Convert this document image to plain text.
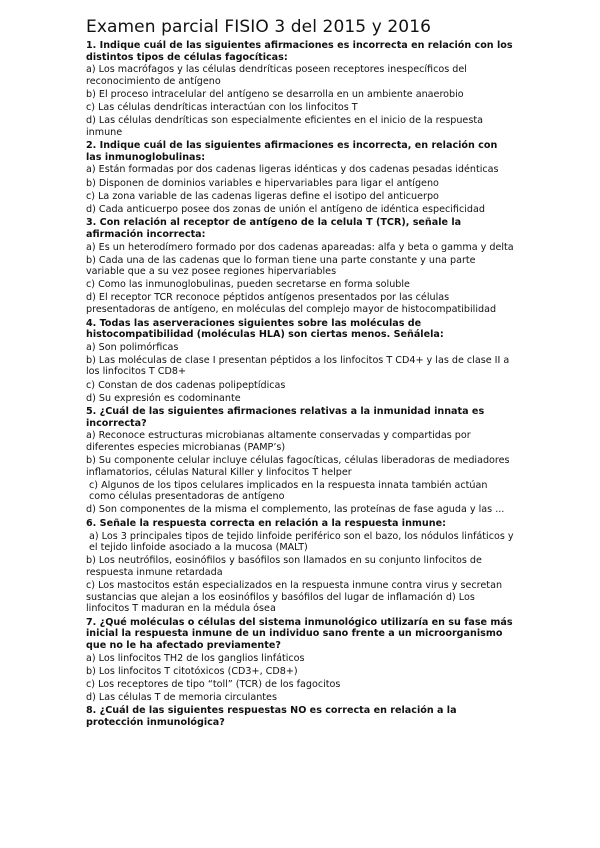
Examen parcial FISIO 3 del 2015 y 2016
1. Indique cuál de las siguientes afirmaciones es incorrecta en relación con los distintos tipos de células fagocíticas:
a) Los macrófagos y las células dendríticas poseen receptores inespecíficos del reconocimiento de antígeno
b) El proceso intracelular del antígeno se desarrolla en un ambiente anaerobio
c) Las células dendríticas interactúan con los linfocitos T
d) Las células dendríticas son especialmente eficientes en el inicio de la respuesta inmune
2. Indique cuál de las siguientes afirmaciones es incorrecta, en relación con las inmunoglobulinas:
a) Están formadas por dos cadenas ligeras idénticas y dos cadenas pesadas idénticas
b) Disponen de dominios variables e hipervariables para ligar el antígeno
c) La zona variable de las cadenas ligeras define el isotipo del anticuerpo
d) Cada anticuerpo posee dos zonas de unión el antígeno de idéntica especificidad
3. Con relación al receptor de antígeno de la celula T (TCR), señale la afirmación incorrecta:
a) Es un heterodímero formado por dos cadenas apareadas: alfa y beta o gamma y delta
b) Cada una de las cadenas que lo forman tiene una parte constante y una parte variable que a su vez posee regiones hipervariables
c) Como las inmunoglobulinas, pueden secretarse en forma soluble
d) El receptor TCR reconoce péptidos antígenos presentados por las células presentadoras de antígeno, en moléculas del complejo mayor de histocompatibilidad
4. Todas las aserveraciones siguientes sobre las moléculas de histocompatibilidad (moléculas HLA) son ciertas menos. Señálela:
a) Son polimórficas
b) Las moléculas de clase I presentan péptidos a los linfocitos T CD4+ y las de clase II a los linfocitos T CD8+
c) Constan de dos cadenas polipeptídicas
d) Su expresión es codominante
5. ¿Cuál de las siguientes afirmaciones relativas a la inmunidad innata es incorrecta?
a) Reconoce estructuras microbianas altamente conservadas y compartidas por diferentes especies microbianas (PAMP’s)
b) Su componente celular incluye células fagocíticas, células liberadoras de mediadores inflamatorios, células Natural Killer y linfocitos T helper
c) Algunos de los tipos celulares implicados en la respuesta innata también actúan como células presentadoras de antígeno
d) Son componentes de la misma el complemento, las proteínas de fase aguda y las ...
6. Señale la respuesta correcta en relación a la respuesta inmune:
a) Los 3 principales tipos de tejido linfoide periférico son el bazo, los nódulos linfáticos y el tejido linfoide asociado a la mucosa (MALT)
b) Los neutrófilos, eosinófilos y basófilos son llamados en su conjunto linfocitos de respuesta inmune retardada
c) Los mastocitos están especializados en la respuesta inmune contra virus y secretan sustancias que alejan a los eosinófilos y basófilos del lugar de inflamación d) Los linfocitos T maduran en la médula ósea
7. ¿Qué moléculas o células del sistema inmunológico utilizaría en su fase más inicial la respuesta inmune de un individuo sano frente a un microorganismo que no le ha afectado previamente?
a) Los linfocitos TH2 de los ganglios linfáticos
b) Los linfocitos T citotóxicos (CD3+, CD8+)
c) Los receptores de tipo “toll” (TCR) de los fagocitos
d) Las células T de memoria circulantes
8. ¿Cuál de las siguientes respuestas NO es correcta en relación a la protección inmunológica?
